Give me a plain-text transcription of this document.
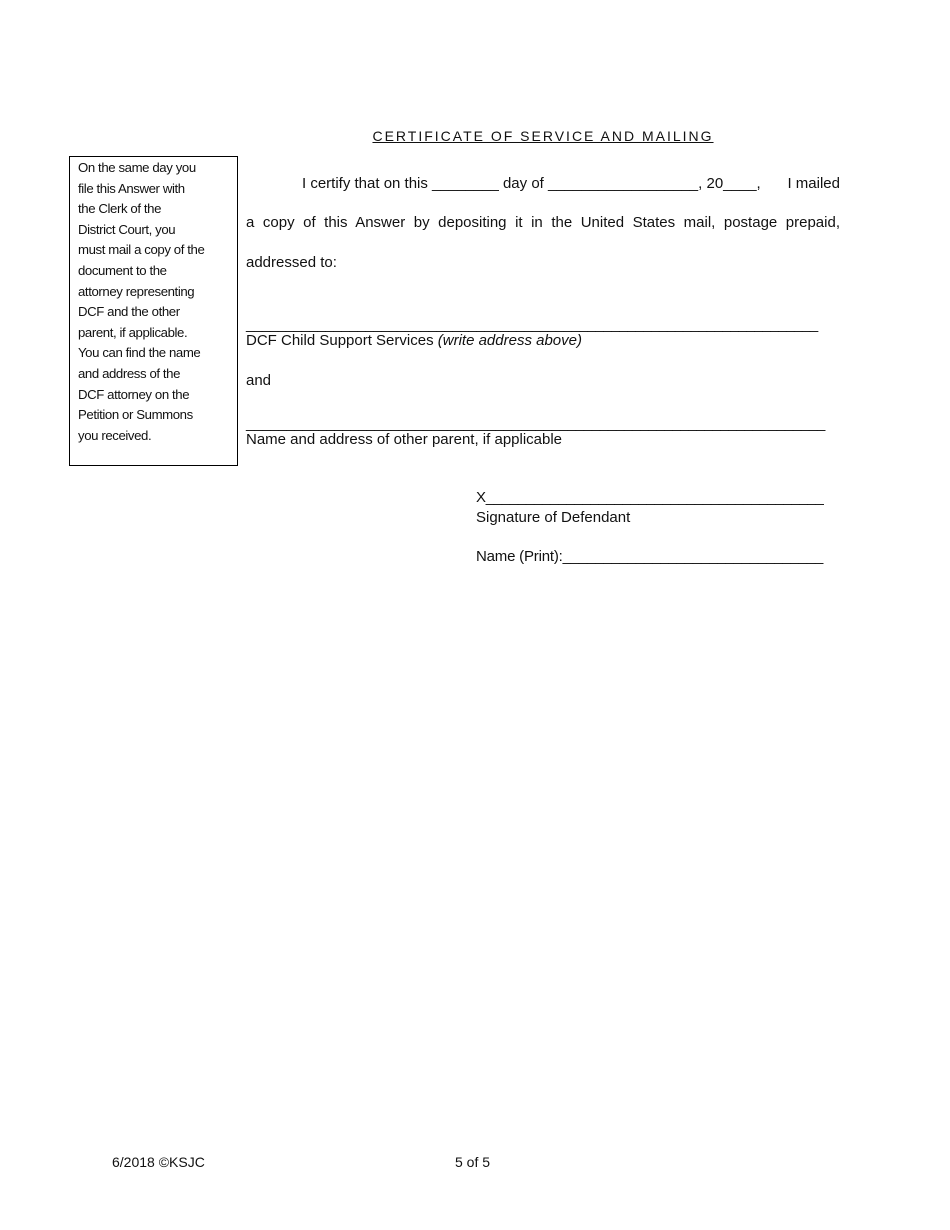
CERTIFICATE OF SERVICE AND MAILING
On the same day you
file this Answer with
the Clerk of the
District Court, you
must mail a copy of the
document to the
attorney representing
DCF and the other
parent, if applicable.
You can find the name
and address of the
DCF attorney on the
Petition or Summons
you received.
I certify that on this ________ day of __________________, 20____, I mailed
a copy of this Answer by depositing it in the United States mail, postage prepaid,
addressed to:
________________________________________________________________________
DCF Child Support Services (write address above)
and
________________________________________________________________________
Name and address of other parent, if applicable
X__________________________________________
Signature of Defendant
Name (Print):________________________________
6/2018 ©KSJC	5 of 5
